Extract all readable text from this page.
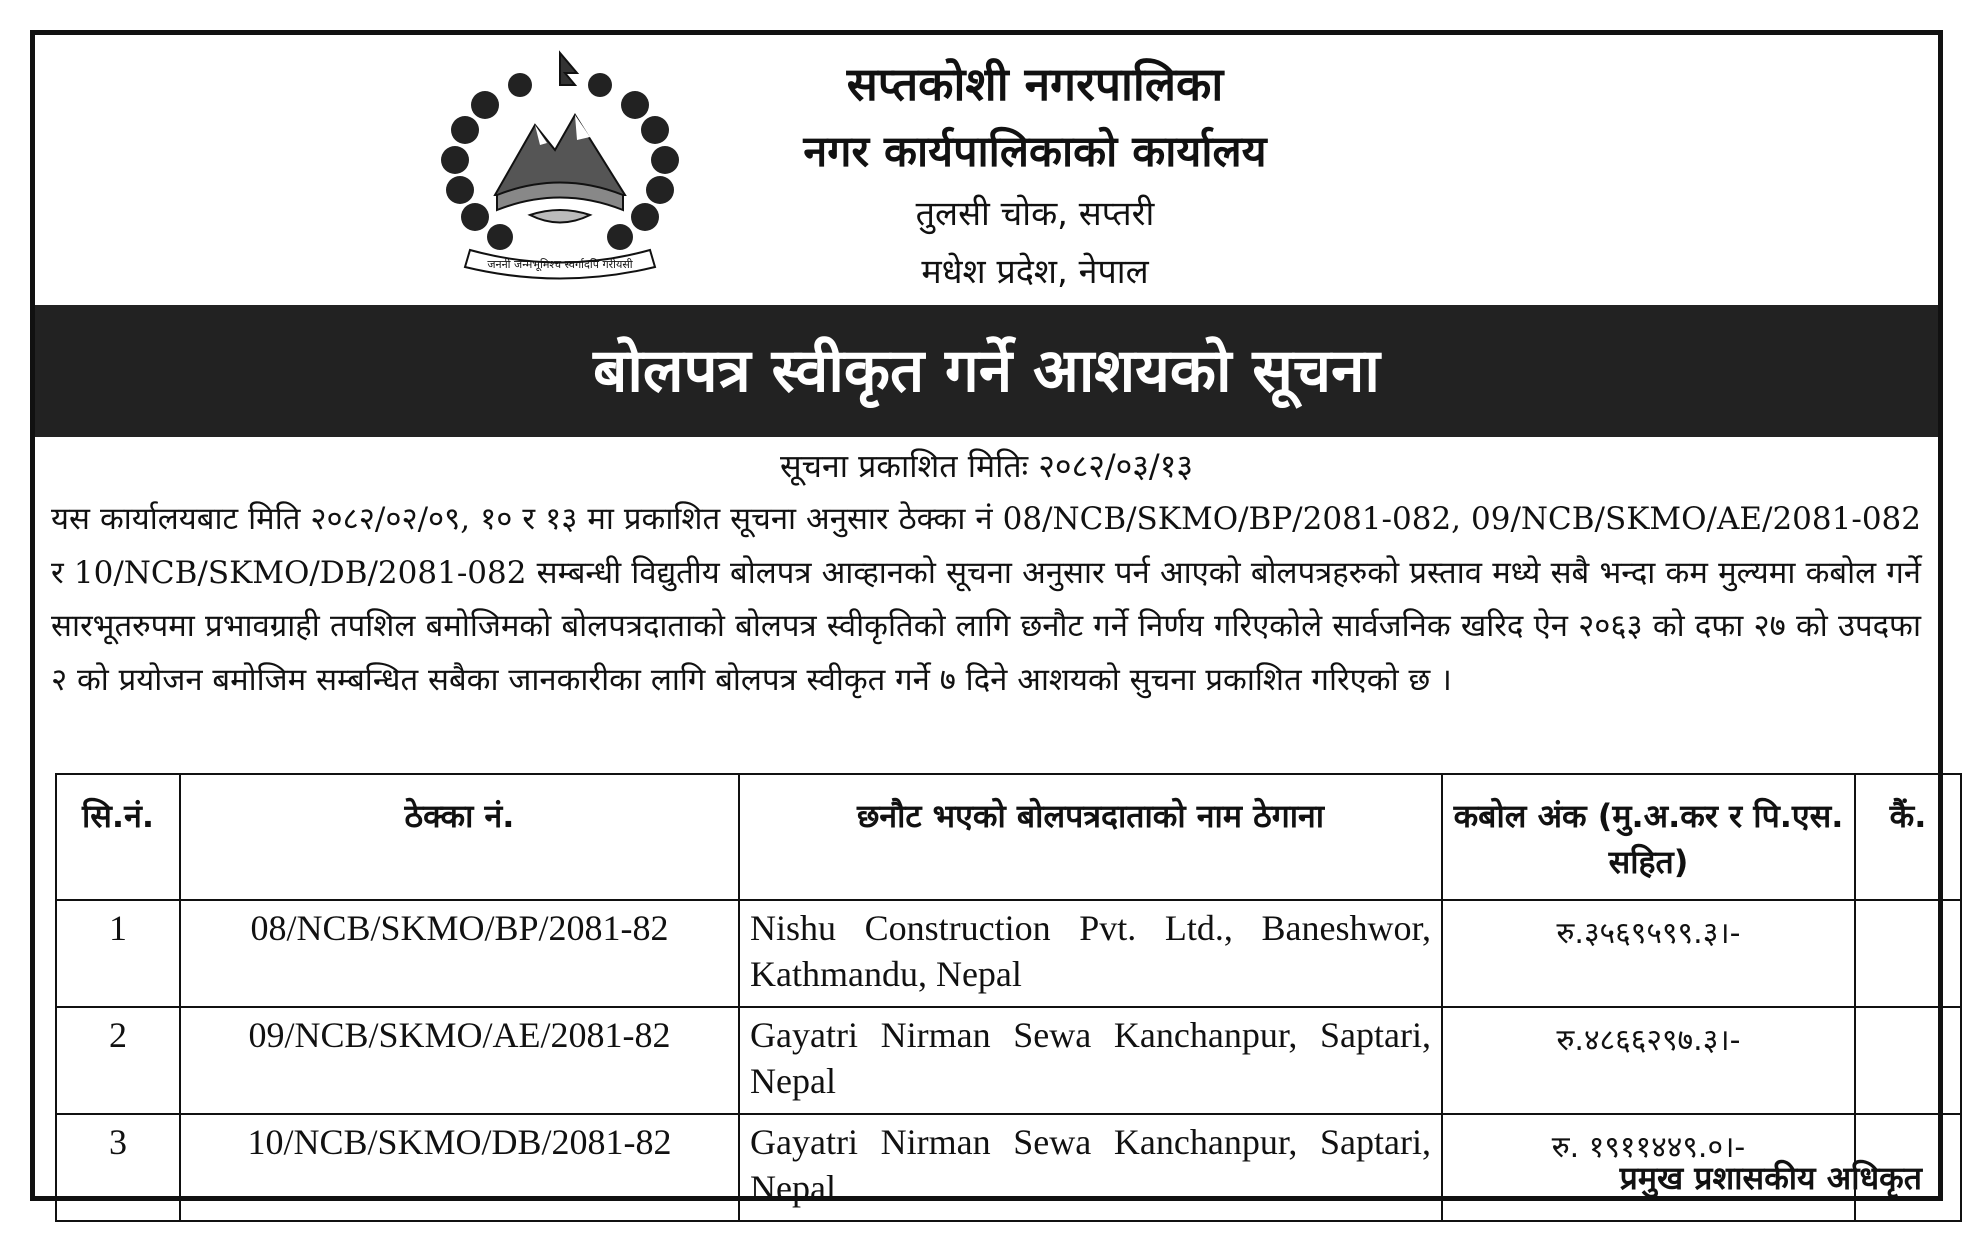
जननी जन्मभूमिश्च स्वर्गादपि गरीयसी
सप्तकोशी नगरपालिका
नगर कार्यपालिकाको कार्यालय
तुलसी चोक, सप्तरी
मधेश प्रदेश, नेपाल
बोलपत्र स्वीकृत गर्ने आशयको सूचना
सूचना प्रकाशित मितिः २०८२/०३/१३
यस कार्यालयबाट मिति २०८२/०२/०९, १० र १३ मा प्रकाशित सूचना अनुसार ठेक्का नं 08/NCB/SKMO/BP/2081-082, 09/NCB/SKMO/AE/2081-082 र 10/NCB/SKMO/DB/2081-082 सम्बन्धी विद्युतीय बोलपत्र आव्हानको सूचना अनुसार पर्न आएको बोलपत्रहरुको प्रस्ताव मध्ये सबै भन्दा कम मुल्यमा कबोल गर्ने सारभूतरुपमा प्रभावग्राही तपशिल बमोजिमको बोलपत्रदाताको बोलपत्र स्वीकृतिको लागि छनौट गर्ने निर्णय गरिएकोले सार्वजनिक खरिद ऐन २०६३ को दफा २७ को उपदफा २ को प्रयोजन बमोजिम सम्बन्धित सबैका जानकारीका लागि बोलपत्र स्वीकृत गर्ने ७ दिने आशयको सुचना प्रकाशित गरिएको छ ।
सि.नं.	ठेक्का नं.	छनौट भएको बोलपत्रदाताको नाम ठेगाना	कबोल अंक (मु.अ.कर र पि.एस. सहित)	कैं.
1	08/NCB/SKMO/BP/2081-82	Nishu Construction Pvt. Ltd., Baneshwor, Kathmandu, Nepal	रु.३५६९५९९.३।-	
2	09/NCB/SKMO/AE/2081-82	Gayatri Nirman Sewa Kanchanpur, Saptari, Nepal	रु.४८६६२९७.३।-	
3	10/NCB/SKMO/DB/2081-82	Gayatri Nirman Sewa Kanchanpur, Saptari, Nepal	रु. १९११४४९.०।-	
प्रमुख प्रशासकीय अधिकृत
